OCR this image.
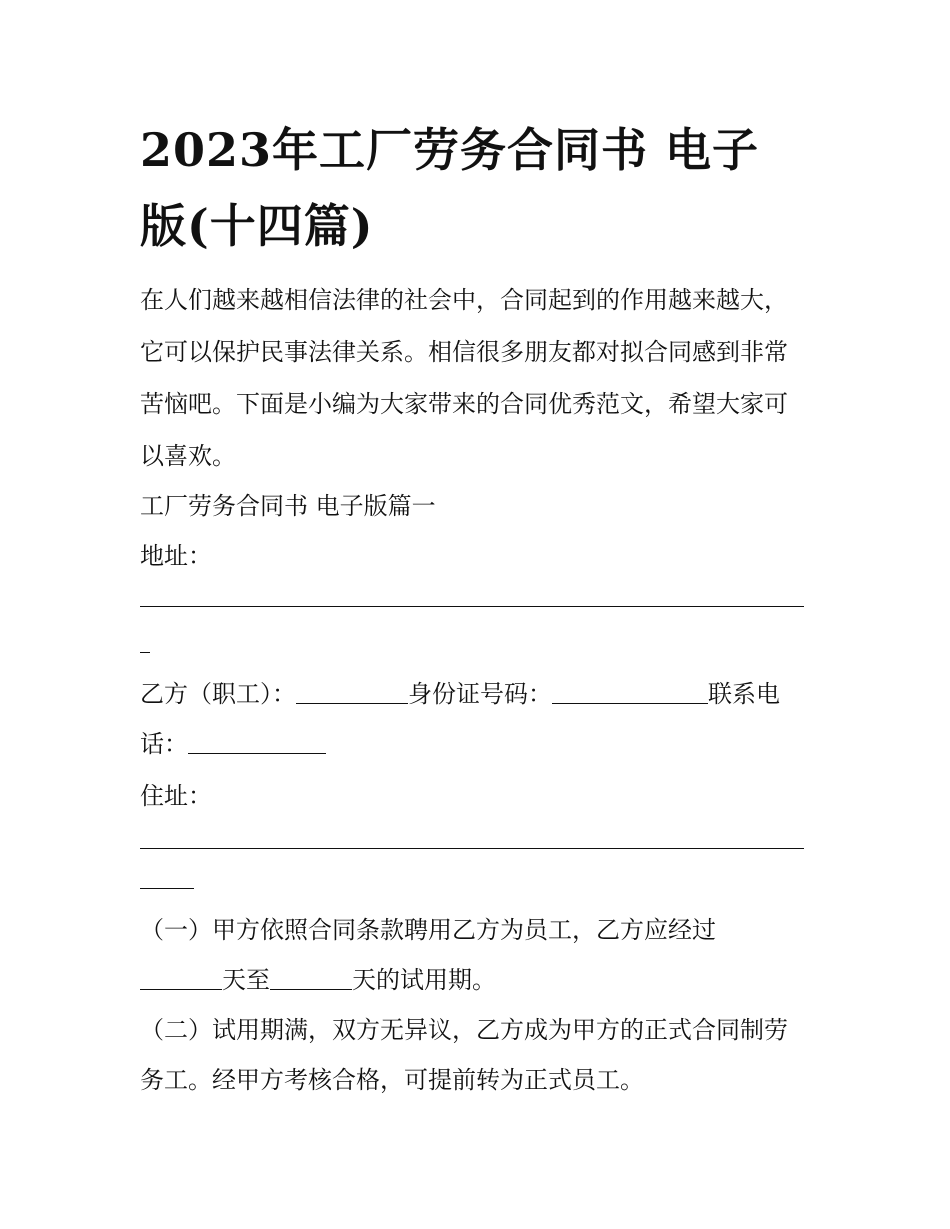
2023年工厂劳务合同书 电子
版(十四篇)

在人们越来越相信法律的社会中，合同起到的作用越来越大，

它可以保护民事法律关系。相信很多朋友都对拟合同感到非常

苦恼吧。下面是小编为大家带来的合同优秀范文，希望大家可

以喜欢。

工厂劳务合同书 电子版篇一

地址：

乙方（职工）：	身份证号码：	联系电

话：

住址：

（一）甲方依照合同条款聘用乙方为员工，乙方应经过

天至	天的试用期。

（二）试用期满，双方无异议，乙方成为甲方的正式合同制劳

务工。经甲方考核合格，可提前转为正式员工。
